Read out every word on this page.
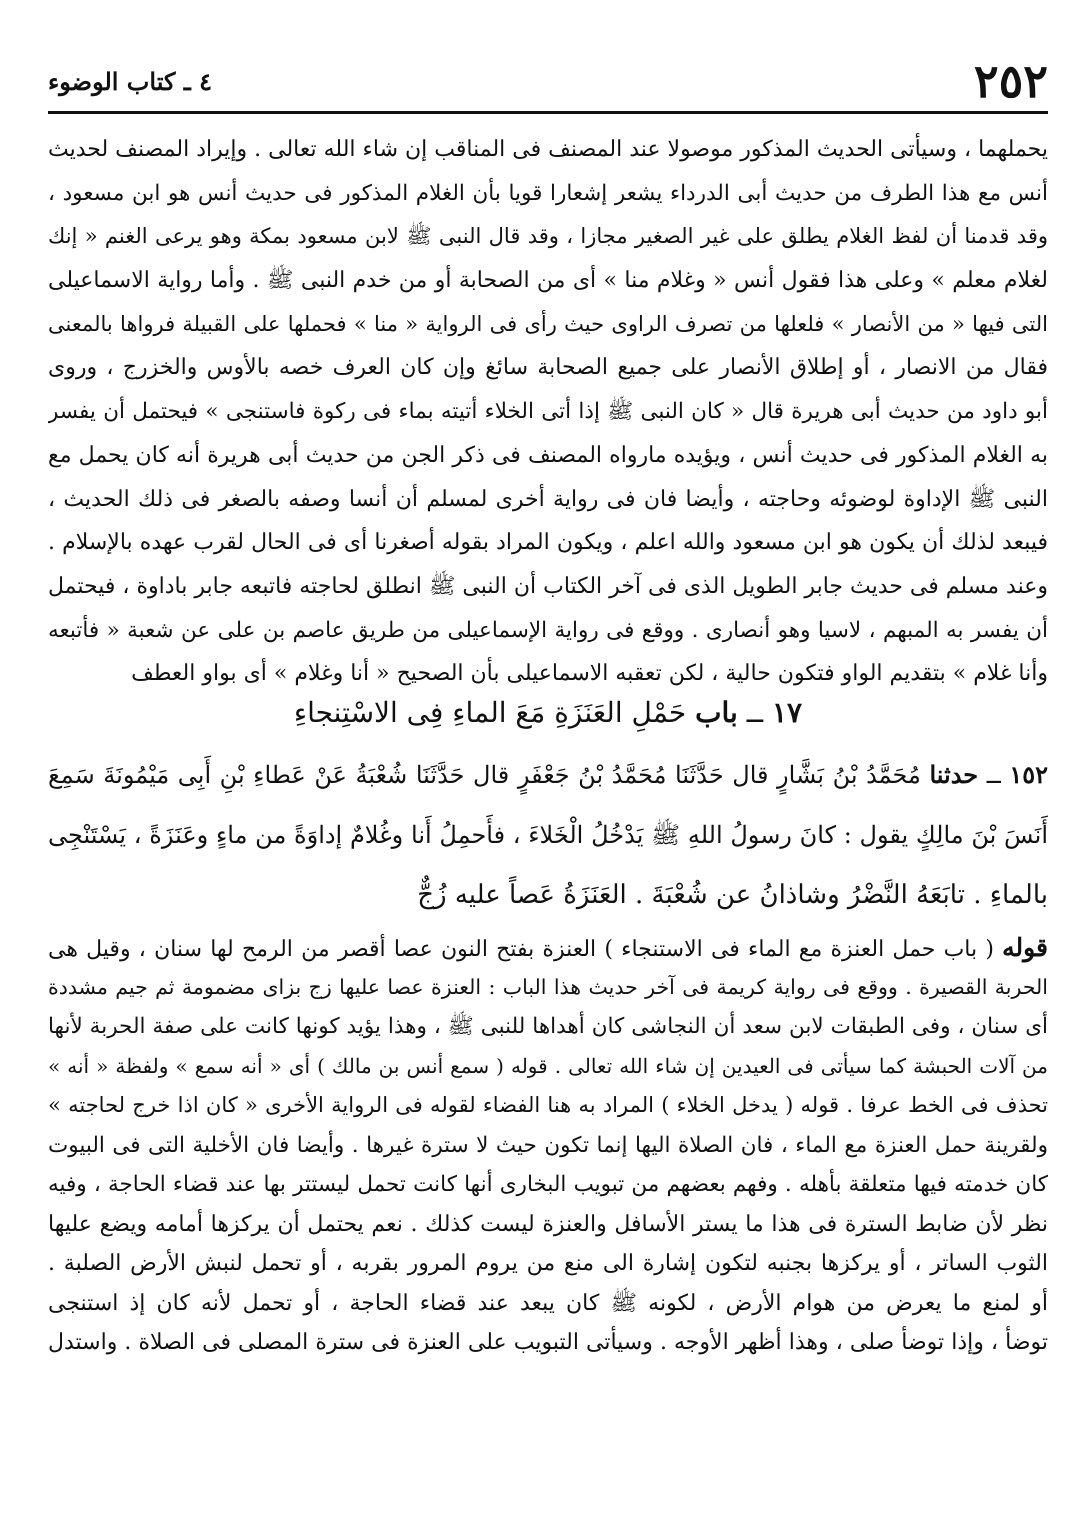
٢٥٢
٤ ـ كتاب الوضوء
يحملهما ، وسيأتى الحديث المذكور موصولا عند المصنف فى المناقب إن شاء الله تعالى . وإيراد المصنف لحديث
أنس مع هذا الطرف من حديث أبى الدرداء يشعر إشعارا قويا بأن الغلام المذكور فى حديث أنس هو ابن مسعود ،
وقد قدمنا أن لفظ الغلام يطلق على غير الصغير مجازا ، وقد قال النبى ﷺ لابن مسعود بمكة وهو يرعى الغنم « إنك
لغلام معلم » وعلى هذا فقول أنس « وغلام منا » أى من الصحابة أو من خدم النبى ﷺ . وأما رواية الاسماعيلى
التى فيها « من الأنصار » فلعلها من تصرف الراوى حيث رأى فى الرواية « منا » فحملها على القبيلة فرواها بالمعنى
فقال من الانصار ، أو إطلاق الأنصار على جميع الصحابة سائغ وإن كان العرف خصه بالأوس والخزرج ، وروى
أبو داود من حديث أبى هريرة قال « كان النبى ﷺ إذا أتى الخلاء أتيته بماء فى ركوة فاستنجى » فيحتمل أن يفسر
به الغلام المذكور فى حديث أنس ، ويؤيده مارواه المصنف فى ذكر الجن من حديث أبى هريرة أنه كان يحمل مع
النبى ﷺ الإداوة لوضوئه وحاجته ، وأيضا فان فى رواية أخرى لمسلم أن أنسا وصفه بالصغر فى ذلك الحديث ،
فيبعد لذلك أن يكون هو ابن مسعود والله اعلم ، ويكون المراد بقوله أصغرنا أى فى الحال لقرب عهده بالإسلام .
وعند مسلم فى حديث جابر الطويل الذى فى آخر الكتاب أن النبى ﷺ انطلق لحاجته فاتبعه جابر باداوة ، فيحتمل
أن يفسر به المبهم ، لاسيا وهو أنصارى . ووقع فى رواية الإسماعيلى من طريق عاصم بن على عن شعبة « فأتبعه
وأنا غلام » بتقديم الواو فتكون حالية ، لكن تعقبه الاسماعيلى بأن الصحيح « أنا وغلام » أى بواو العطف
١٧ ــ باب حَمْلِ العَنَزَةِ مَعَ الماءِ فِى الاسْتِنجاءِ
١٥٢ ــ حدثنا مُحَمَّدُ بْنُ بَشَّارٍ قال حَدَّثَنَا مُحَمَّدُ بْنُ جَعْفَرٍ قال حَدَّثَنَا شُعْبَةُ عَنْ عَطاءِ بْنِ أَبِى مَيْمُونَةَ سَمِعَ
أَنَسَ بْنَ مالِكٍ يقول : كانَ رسولُ اللهِ ﷺ يَدْخُلُ الْخَلاءَ ، فأَحمِلُ أَنا وغُلامٌ إداوَةً من ماءٍ وعَنَزَةً ، يَسْتَنْجِى
بالماءِ . تابَعَهُ النَّضْرُ وشاذانُ عن شُعْبَةَ . العَنَزَةُ عَصاً عليه زُجٌّ
قوله ( باب حمل العنزة مع الماء فى الاستنجاء ) العنزة بفتح النون عصا أقصر من الرمح لها سنان ، وقيل هى
الحربة القصيرة . ووقع فى رواية كريمة فى آخر حديث هذا الباب : العنزة عصا عليها زج بزاى مضمومة ثم جيم مشددة
أى سنان ، وفى الطبقات لابن سعد أن النجاشى كان أهداها للنبى ﷺ ، وهذا يؤيد كونها كانت على صفة الحربة لأنها
من آلات الحبشة كما سيأتى فى العيدين إن شاء الله تعالى . قوله ( سمع أنس بن مالك ) أى « أنه سمع » ولفظة « أنه »
تحذف فى الخط عرفا . قوله ( يدخل الخلاء ) المراد به هنا الفضاء لقوله فى الرواية الأخرى « كان اذا خرج لحاجته »
ولقرينة حمل العنزة مع الماء ، فان الصلاة اليها إنما تكون حيث لا سترة غيرها . وأيضا فان الأخلية التى فى البيوت
كان خدمته فيها متعلقة بأهله . وفهم بعضهم من تبويب البخارى أنها كانت تحمل ليستتر بها عند قضاء الحاجة ، وفيه
نظر لأن ضابط السترة فى هذا ما يستر الأسافل والعنزة ليست كذلك . نعم يحتمل أن يركزها أمامه ويضع عليها
الثوب الساتر ، أو يركزها بجنبه لتكون إشارة الى منع من يروم المرور بقربه ، أو تحمل لنبش الأرض الصلبة .
أو لمنع ما يعرض من هوام الأرض ، لكونه ﷺ كان يبعد عند قضاء الحاجة ، أو تحمل لأنه كان إذ استنجى
توضأ ، وإذا توضأ صلى ، وهذا أظهر الأوجه . وسيأتى التبويب على العنزة فى سترة المصلى فى الصلاة . واستدل
